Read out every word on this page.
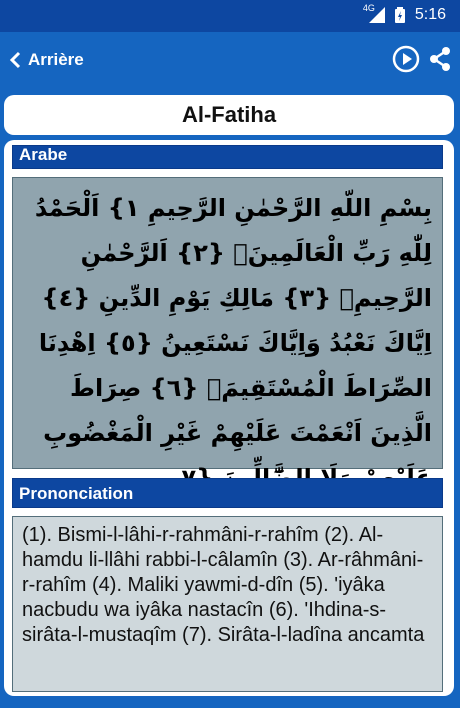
4G 5:16
Arrière
Al-Fatiha
Arabe
بِسْمِ اللّهِ الرَّحْمٰنِ الرَّحِيمِ ١} اَلْحَمْدُ لِلّٰهِ رَبِّ الْعَالَمِينَۙ {٢} اَلرَّحْمٰنِ الرَّحِيمِۙ {٣} مَالِكِ يَوْمِ الدِّينِ {٤} اِيَّاكَ نَعْبُدُ وَاِيَّاكَ نَسْتَعِينُ {٥} اِهْدِنَا الصِّرَاطَ الْمُسْتَقِيمَۙ {٦} صِرَاطَ الَّذِينَ اَنْعَمْتَ عَلَيْهِمْ غَيْرِ الْمَغْضُوبِ
Prononciation
(1). Bismi-l-lâhi-r-rahmâni-r-rahîm (2). Al-hamdu li-llâhi rabbi-l-câlamîn (3). Ar-râhmâni-r-rahîm (4). Maliki yawmi-d-dîn (5). 'iyâka nacbudu wa iyâka nastacîn (6). 'Ihdina-s-sirâta-l-mustaqîm (7). Sirâta-l-ladîna ancamta
